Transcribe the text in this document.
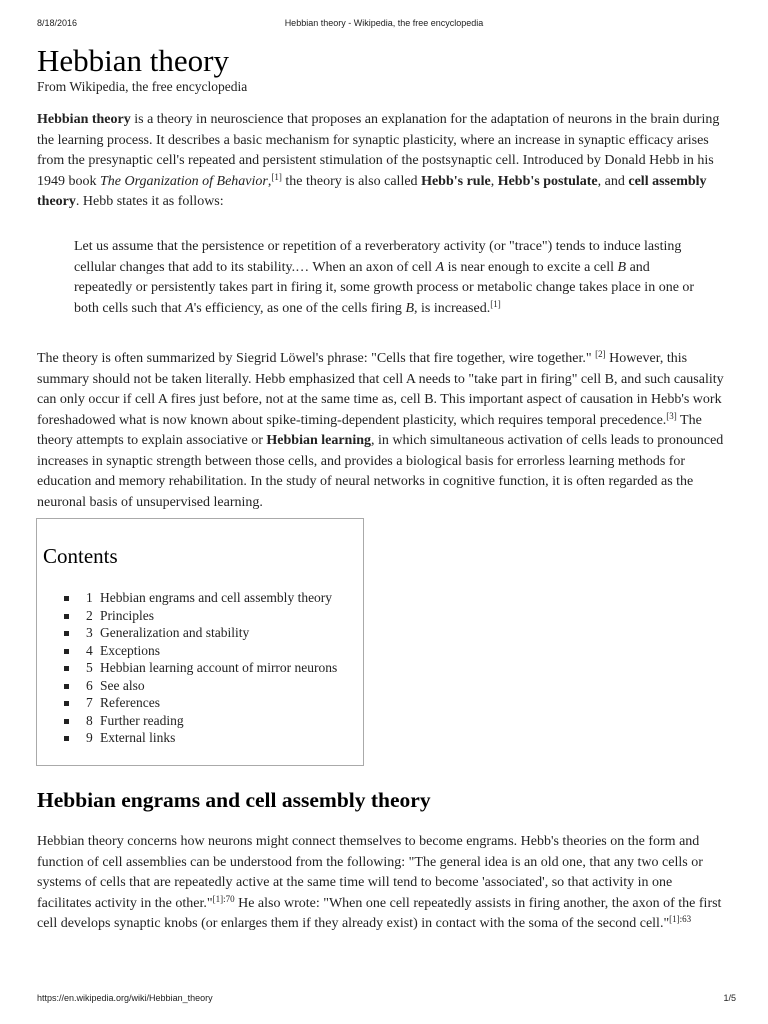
8/18/2016	Hebbian theory - Wikipedia, the free encyclopedia
Hebbian theory
From Wikipedia, the free encyclopedia

Hebbian theory is a theory in neuroscience that proposes an explanation for the adaptation of neurons in the brain during the learning process. It describes a basic mechanism for synaptic plasticity, where an increase in synaptic efficacy arises from the presynaptic cell's repeated and persistent stimulation of the postsynaptic cell. Introduced by Donald Hebb in his 1949 book The Organization of Behavior,[1] the theory is also called Hebb's rule, Hebb's postulate, and cell assembly theory. Hebb states it as follows:

Let us assume that the persistence or repetition of a reverberatory activity (or "trace") tends to induce lasting cellular changes that add to its stability.… When an axon of cell A is near enough to excite a cell B and repeatedly or persistently takes part in firing it, some growth process or metabolic change takes place in one or both cells such that A's efficiency, as one of the cells firing B, is increased.[1]

The theory is often summarized by Siegrid Löwel's phrase: "Cells that fire together, wire together." [2] However, this summary should not be taken literally. Hebb emphasized that cell A needs to "take part in firing" cell B, and such causality can only occur if cell A fires just before, not at the same time as, cell B. This important aspect of causation in Hebb's work foreshadowed what is now known about spike-timing-dependent plasticity, which requires temporal precedence.[3] The theory attempts to explain associative or Hebbian learning, in which simultaneous activation of cells leads to pronounced increases in synaptic strength between those cells, and provides a biological basis for errorless learning methods for education and memory rehabilitation. In the study of neural networks in cognitive function, it is often regarded as the neuronal basis of unsupervised learning.

Contents
1 Hebbian engrams and cell assembly theory
2 Principles
3 Generalization and stability
4 Exceptions
5 Hebbian learning account of mirror neurons
6 See also
7 References
8 Further reading
9 External links
Hebbian engrams and cell assembly theory

Hebbian theory concerns how neurons might connect themselves to become engrams. Hebb's theories on the form and function of cell assemblies can be understood from the following: "The general idea is an old one, that any two cells or systems of cells that are repeatedly active at the same time will tend to become 'associated', so that activity in one facilitates activity in the other."$^{[1]:70}$ He also wrote: "When one cell repeatedly assists in firing another, the axon of the first cell develops synaptic knobs (or enlarges them if they already exist) in contact with the soma of the second cell."$^{[1]:63}$

https://en.wikipedia.org/wiki/Hebbian_theory	1/5
